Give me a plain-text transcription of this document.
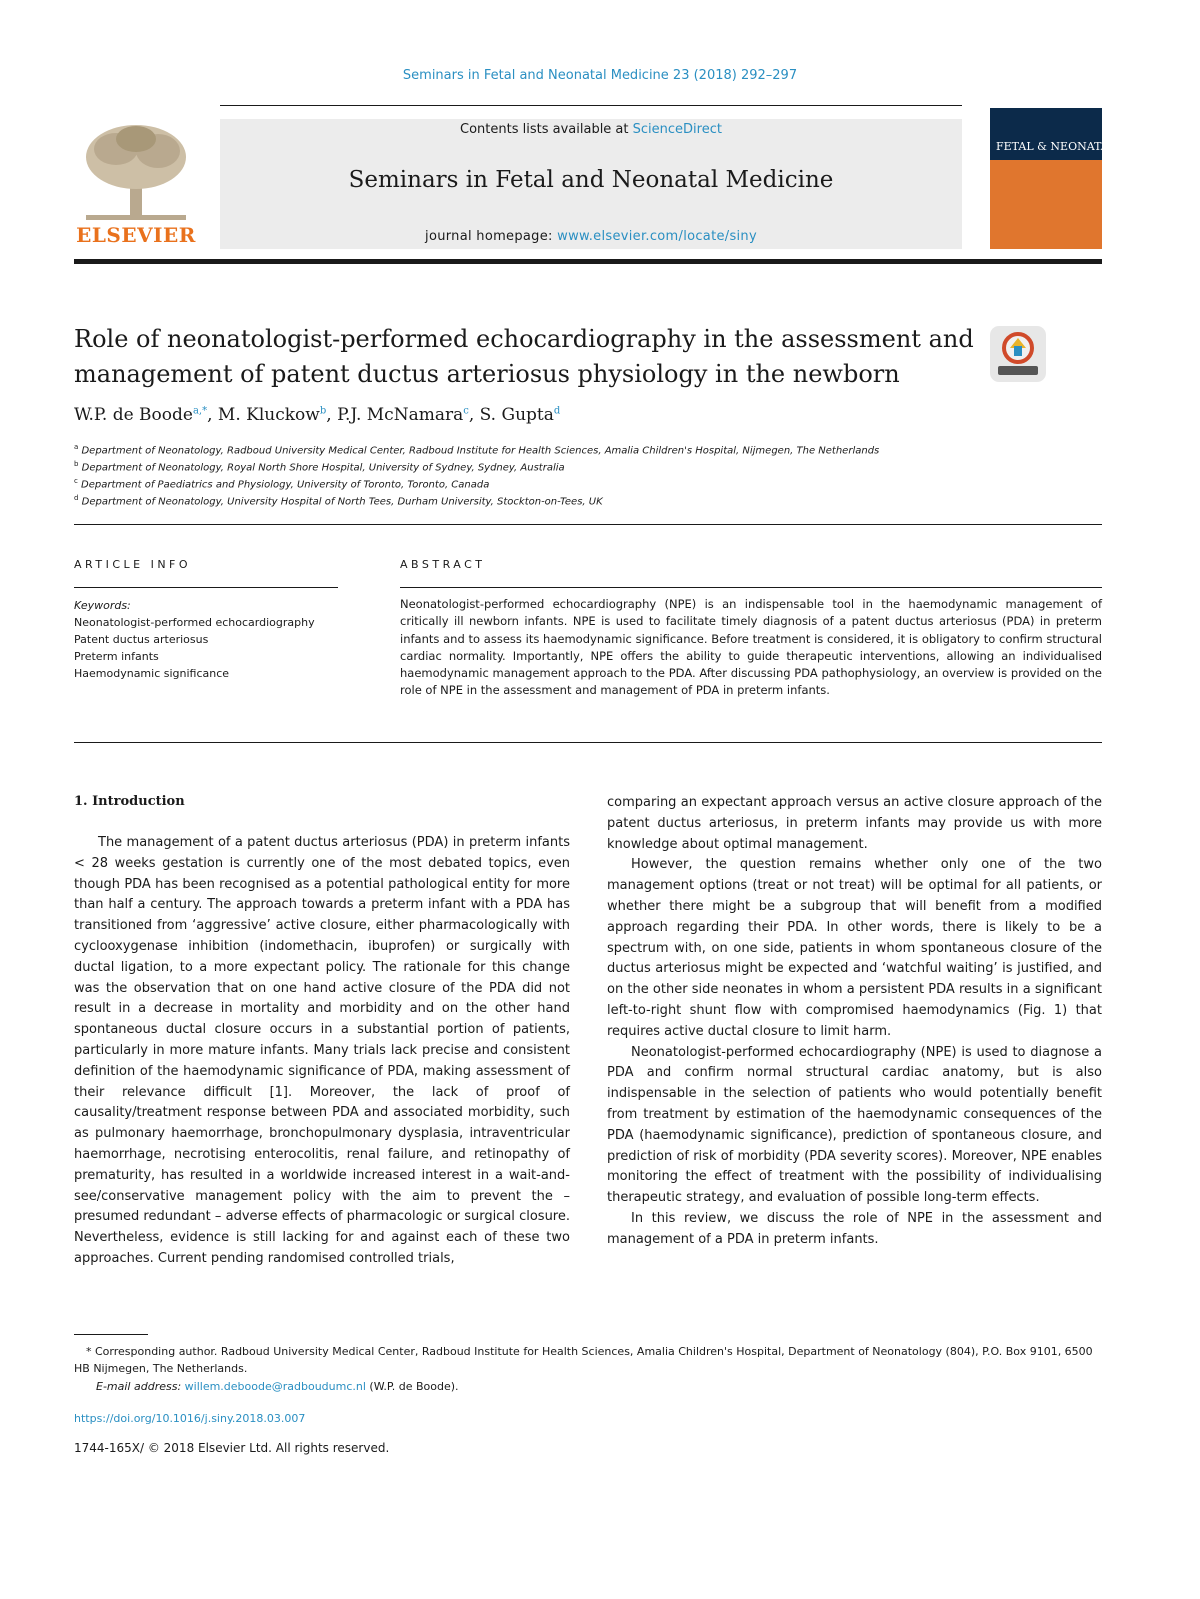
Seminars in Fetal and Neonatal Medicine 23 (2018) 292–297
ELSEVIER
Contents lists available at ScienceDirect
Seminars in Fetal and Neonatal Medicine
journal homepage: www.elsevier.com/locate/siny
FETAL & NEONATAL
Role of neonatologist-performed echocardiography in the assessment and
management of patent ductus arteriosus physiology in the newborn
W.P. de Boode$^{a,*}$, M. Kluckow$^b$, P.J. McNamara$^c$, S. Gupta$^d$
$^a$ Department of Neonatology, Radboud University Medical Center, Radboud Institute for Health Sciences, Amalia Children's Hospital, Nijmegen, The Netherlands
$^b$ Department of Neonatology, Royal North Shore Hospital, University of Sydney, Sydney, Australia
$^c$ Department of Paediatrics and Physiology, University of Toronto, Toronto, Canada
$^d$ Department of Neonatology, University Hospital of North Tees, Durham University, Stockton-on-Tees, UK
ARTICLE INFO
Keywords:
Neonatologist-performed echocardiography
Patent ductus arteriosus
Preterm infants
Haemodynamic significance
ABSTRACT
Neonatologist-performed echocardiography (NPE) is an indispensable tool in the haemodynamic management of critically ill newborn infants. NPE is used to facilitate timely diagnosis of a patent ductus arteriosus (PDA) in preterm infants and to assess its haemodynamic significance. Before treatment is considered, it is obligatory to confirm structural cardiac normality. Importantly, NPE offers the ability to guide therapeutic interventions, allowing an individualised haemodynamic management approach to the PDA. After discussing PDA pathophysiology, an overview is provided on the role of NPE in the assessment and management of PDA in preterm infants.
1. Introduction

The management of a patent ductus arteriosus (PDA) in preterm infants < 28 weeks gestation is currently one of the most debated topics, even though PDA has been recognised as a potential pathological entity for more than half a century. The approach towards a preterm infant with a PDA has transitioned from ‘aggressive’ active closure, either pharmacologically with cyclooxygenase inhibition (indomethacin, ibuprofen) or surgically with ductal ligation, to a more expectant policy. The rationale for this change was the observation that on one hand active closure of the PDA did not result in a decrease in mortality and morbidity and on the other hand spontaneous ductal closure occurs in a substantial portion of patients, particularly in more mature infants. Many trials lack precise and consistent definition of the haemodynamic significance of PDA, making assessment of their relevance difficult [1]. Moreover, the lack of proof of causality/treatment response between PDA and associated morbidity, such as pulmonary haemorrhage, bronchopulmonary dysplasia, intraventricular haemorrhage, necrotising enterocolitis, renal failure, and retinopathy of prematurity, has resulted in a worldwide increased interest in a wait-and-see/conservative management policy with the aim to prevent the – presumed redundant – adverse effects of pharmacologic or surgical closure. Nevertheless, evidence is still lacking for and against each of these two approaches. Current pending randomised controlled trials,

comparing an expectant approach versus an active closure approach of the patent ductus arteriosus, in preterm infants may provide us with more knowledge about optimal management.

However, the question remains whether only one of the two management options (treat or not treat) will be optimal for all patients, or whether there might be a subgroup that will benefit from a modified approach regarding their PDA. In other words, there is likely to be a spectrum with, on one side, patients in whom spontaneous closure of the ductus arteriosus might be expected and ‘watchful waiting’ is justified, and on the other side neonates in whom a persistent PDA results in a significant left-to-right shunt flow with compromised haemodynamics (Fig. 1) that requires active ductal closure to limit harm.

Neonatologist-performed echocardiography (NPE) is used to diagnose a PDA and confirm normal structural cardiac anatomy, but is also indispensable in the selection of patients who would potentially benefit from treatment by estimation of the haemodynamic consequences of the PDA (haemodynamic significance), prediction of spontaneous closure, and prediction of risk of morbidity (PDA severity scores). Moreover, NPE enables monitoring the effect of treatment with the possibility of individualising therapeutic strategy, and evaluation of possible long-term effects.

In this review, we discuss the role of NPE in the assessment and management of a PDA in preterm infants.

* Corresponding author. Radboud University Medical Center, Radboud Institute for Health Sciences, Amalia Children's Hospital, Department of Neonatology (804), P.O. Box 9101, 6500 HB Nijmegen, The Netherlands.
E-mail address: willem.deboode@radboudumc.nl (W.P. de Boode).
https://doi.org/10.1016/j.siny.2018.03.007
1744-165X/ © 2018 Elsevier Ltd. All rights reserved.
